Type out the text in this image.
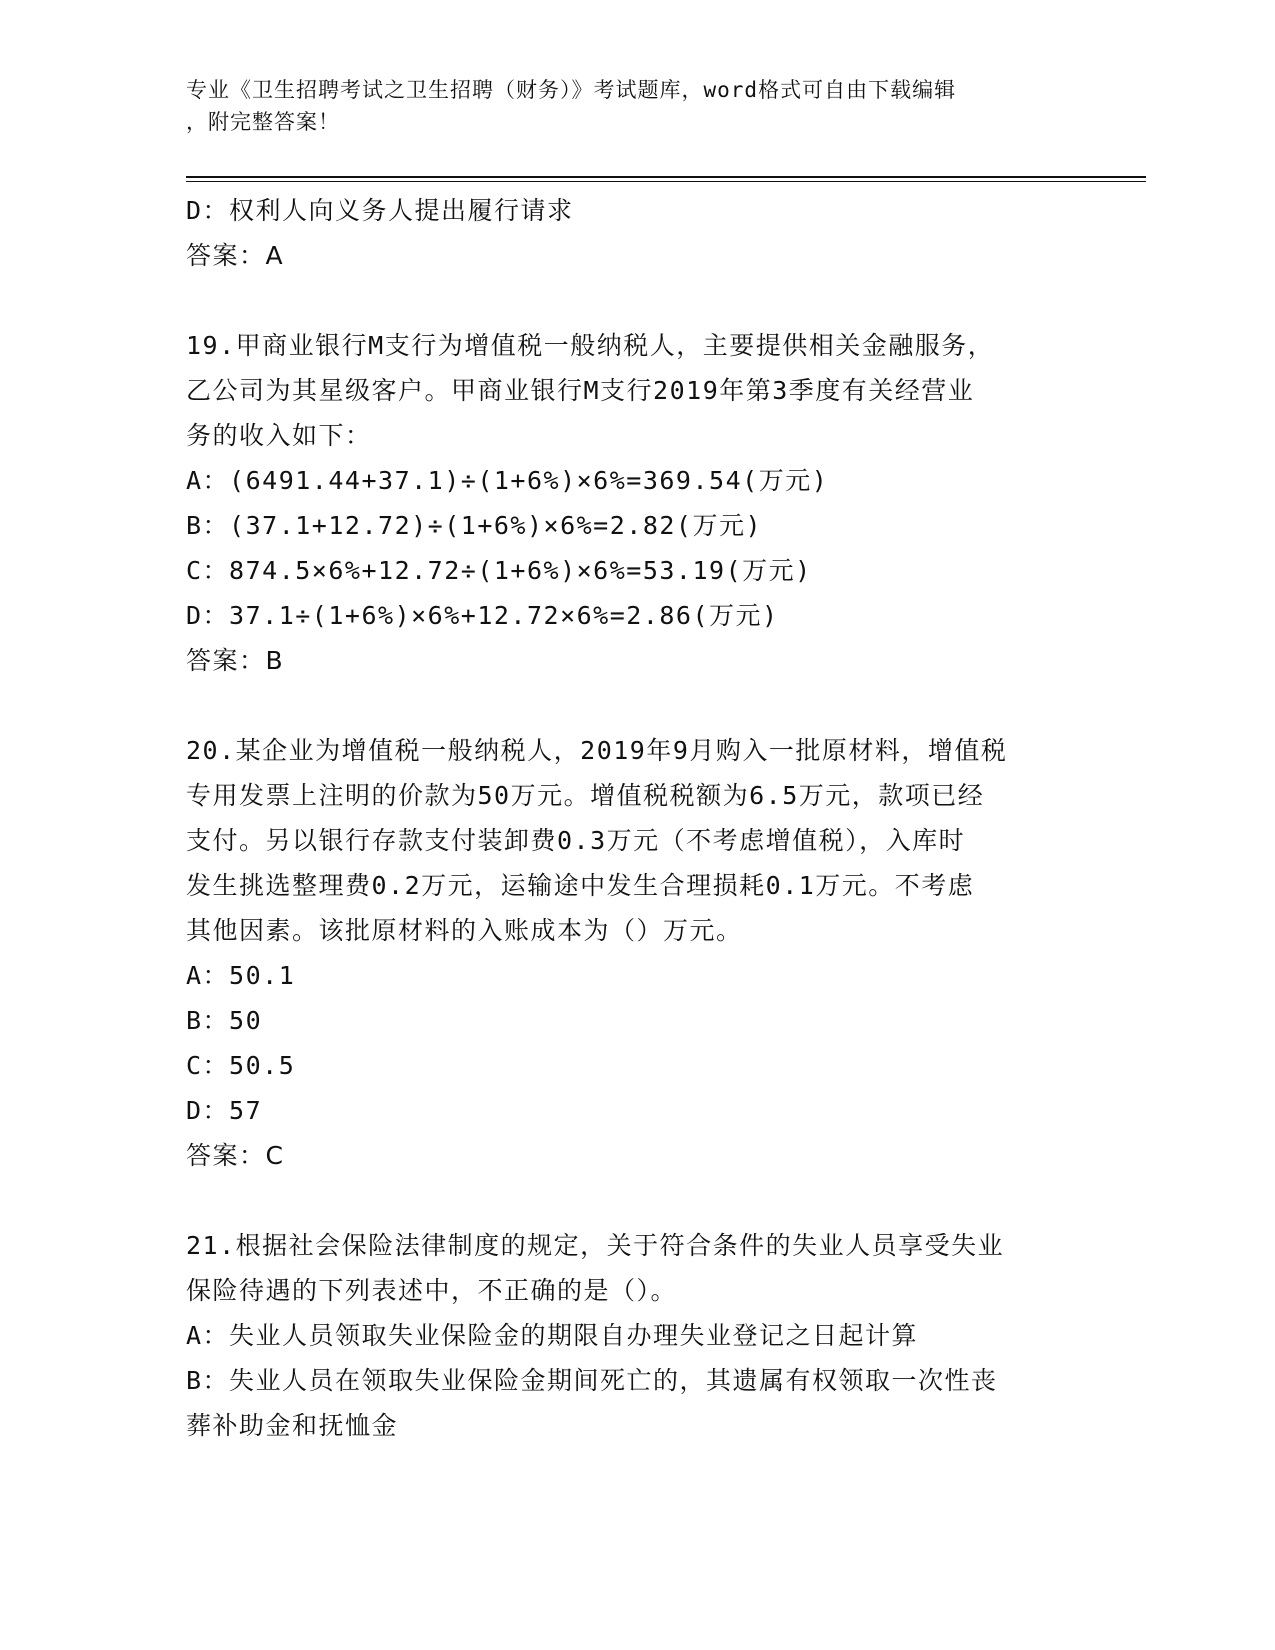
专业《卫生招聘考试之卫生招聘（财务）》考试题库，word格式可自由下载编辑
，附完整答案！
D：权利人向义务人提出履行请求
答案：A
19.甲商业银行M支行为增值税一般纳税人，主要提供相关金融服务，
乙公司为其星级客户。甲商业银行M支行2019年第3季度有关经营业
务的收入如下：
A：(6491.44+37.1)÷(1+6%)×6%=369.54(万元)
B：(37.1+12.72)÷(1+6%)×6%=2.82(万元)
C：874.5×6%+12.72÷(1+6%)×6%=53.19(万元)
D：37.1÷(1+6%)×6%+12.72×6%=2.86(万元)
答案：B
20.某企业为增值税一般纳税人，2019年9月购入一批原材料，增值税
专用发票上注明的价款为50万元。增值税税额为6.5万元，款项已经
支付。另以银行存款支付装卸费0.3万元（不考虑增值税），入库时
发生挑选整理费0.2万元，运输途中发生合理损耗0.1万元。不考虑
其他因素。该批原材料的入账成本为（）万元。
A：50.1
B：50
C：50.5
D：57
答案：C
21.根据社会保险法律制度的规定，关于符合条件的失业人员享受失业
保险待遇的下列表述中，不正确的是（）。
A：失业人员领取失业保险金的期限自办理失业登记之日起计算
B：失业人员在领取失业保险金期间死亡的，其遗属有权领取一次性丧
葬补助金和抚恤金
